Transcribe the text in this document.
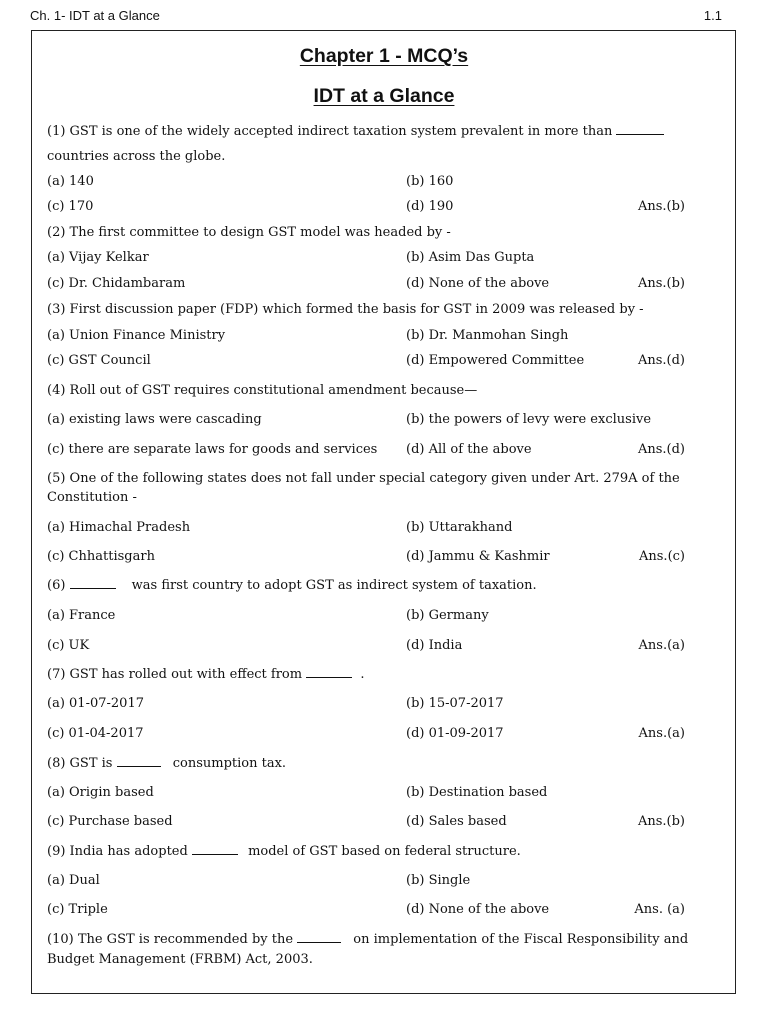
Ch. 1- IDT at a Glance	1.1
Chapter 1 - MCQ’s
IDT at a Glance
(1) GST is one of the widely accepted indirect taxation system prevalent in more than
countries across the globe.
(a) 140	(b) 160
(c) 170	(d) 190	Ans.(b)
(2) The first committee to design GST model was headed by -
(a) Vijay Kelkar	(b) Asim Das Gupta
(c) Dr. Chidambaram	(d) None of the above	Ans.(b)
(3) First discussion paper (FDP) which formed the basis for GST in 2009 was released by -
(a) Union Finance Ministry	(b) Dr. Manmohan Singh
(c) GST Council	(d) Empowered Committee	Ans.(d)
(4) Roll out of GST requires constitutional amendment because—
(a) existing laws were cascading	(b) the powers of levy were exclusive
(c) there are separate laws for goods and services (d) All of the above	Ans.(d)
(5) One of the following states does not fall under special category given under Art. 279A of the
Constitution -
(a) Himachal Pradesh	(b) Uttarakhand
(c) Chhattisgarh	(d) Jammu & Kashmir	Ans.(c)
(6)	was first country to adopt GST as indirect system of taxation.
(a) France	(b) Germany
(c) UK	(d) India	Ans.(a)
(7) GST has rolled out with effect from	.
(a) 01-07-2017	(b) 15-07-2017
(c) 01-04-2017	(d) 01-09-2017	Ans.(a)
(8) GST is	consumption tax.
(a) Origin based	(b) Destination based
(c) Purchase based	(d) Sales based	Ans.(b)
(9) India has adopted	model of GST based on federal structure.
(a) Dual	(b) Single
(c) Triple	(d) None of the above	Ans. (a)
(10) The GST is recommended by the	on implementation of the Fiscal Responsibility and
Budget Management (FRBM) Act, 2003.
